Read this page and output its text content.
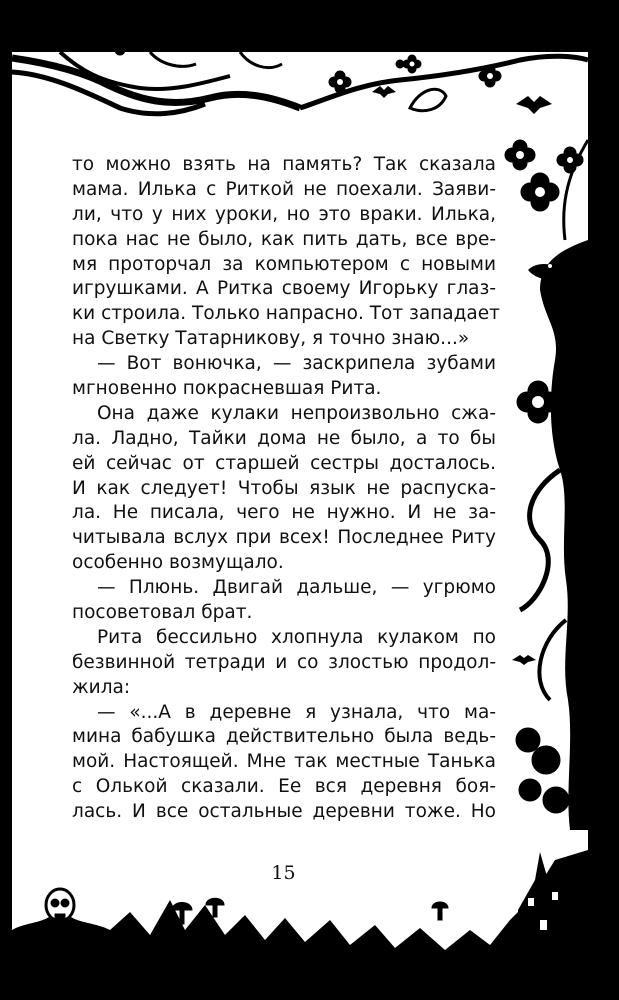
то можно взять на память? Так сказала
мама. Илька с Риткой не поехали. Заяви-
ли, что у них уроки, но это враки. Илька,
пока нас не было, как пить дать, все вре-
мя проторчал за компьютером с новыми
игрушками. А Ритка своему Игорьку глаз-
ки строила. Только напрасно. Тот западает
на Светку Татарникову, я точно знаю...»
— Вот вонючка, — заскрипела зубами
мгновенно покрасневшая Рита.
Она даже кулаки непроизвольно сжа-
ла. Ладно, Тайки дома не было, а то бы
ей сейчас от старшей сестры досталось.
И как следует! Чтобы язык не распуска-
ла. Не писала, чего не нужно. И не за-
читывала вслух при всех! Последнее Риту
особенно возмущало.
— Плюнь. Двигай дальше, — угрюмо
посоветовал брат.
Рита бессильно хлопнула кулаком по
безвинной тетради и со злостью продол-
жила:
— «...А в деревне я узнала, что ма-
мина бабушка действительно была ведь-
мой. Настоящей. Мне так местные Танька
с Олькой сказали. Ее вся деревня боя-
лась. И все остальные деревни тоже. Но
15
